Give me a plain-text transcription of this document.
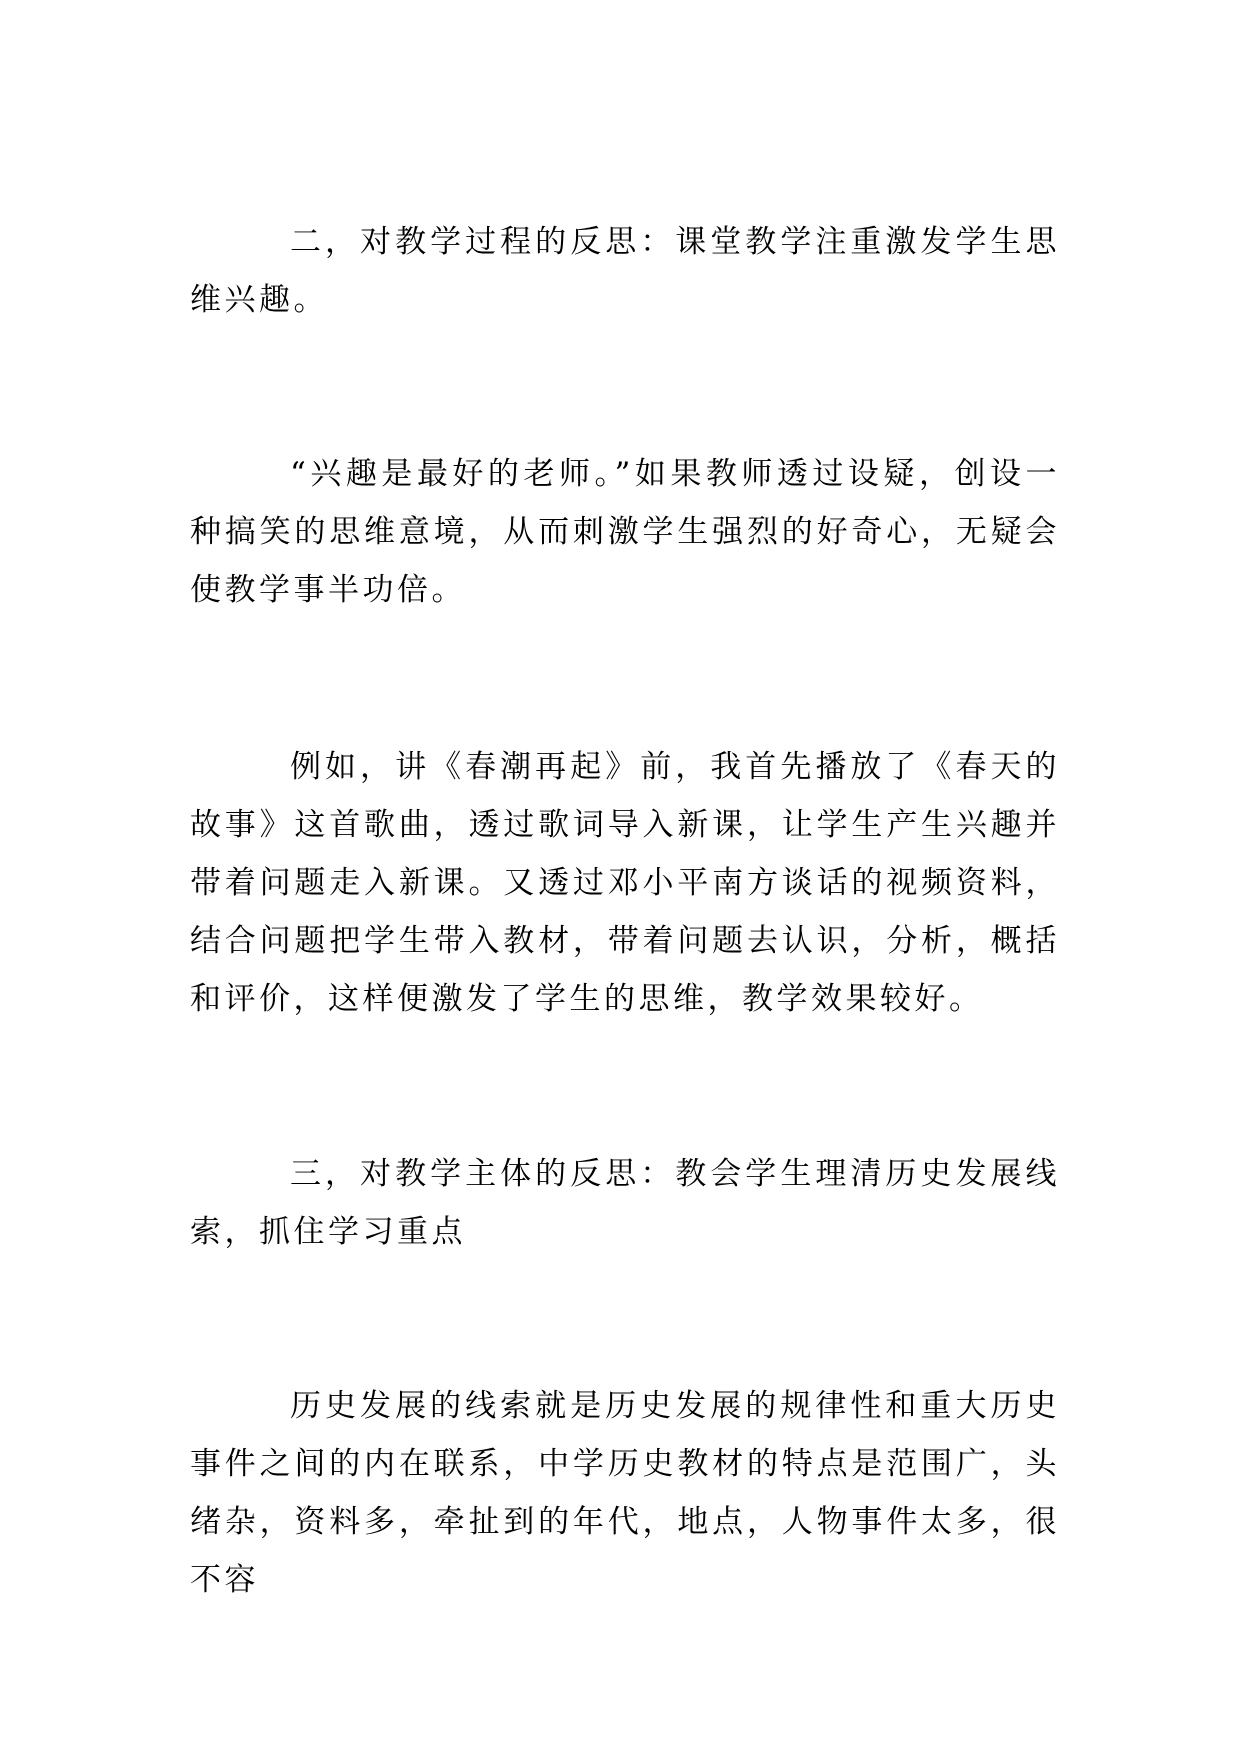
二，对教学过程的反思：课堂教学注重激发学生思维兴趣。

“兴趣是最好的老师。”如果教师透过设疑，创设一种搞笑的思维意境，从而刺激学生强烈的好奇心，无疑会使教学事半功倍。

例如，讲《春潮再起》前，我首先播放了《春天的故事》这首歌曲，透过歌词导入新课，让学生产生兴趣并带着问题走入新课。又透过邓小平南方谈话的视频资料，结合问题把学生带入教材，带着问题去认识，分析，概括和评价，这样便激发了学生的思维，教学效果较好。

三，对教学主体的反思：教会学生理清历史发展线索，抓住学习重点

历史发展的线索就是历史发展的规律性和重大历史事件之间的内在联系，中学历史教材的特点是范围广，头绪杂，资料多，牵扯到的年代，地点，人物事件太多，很不容
